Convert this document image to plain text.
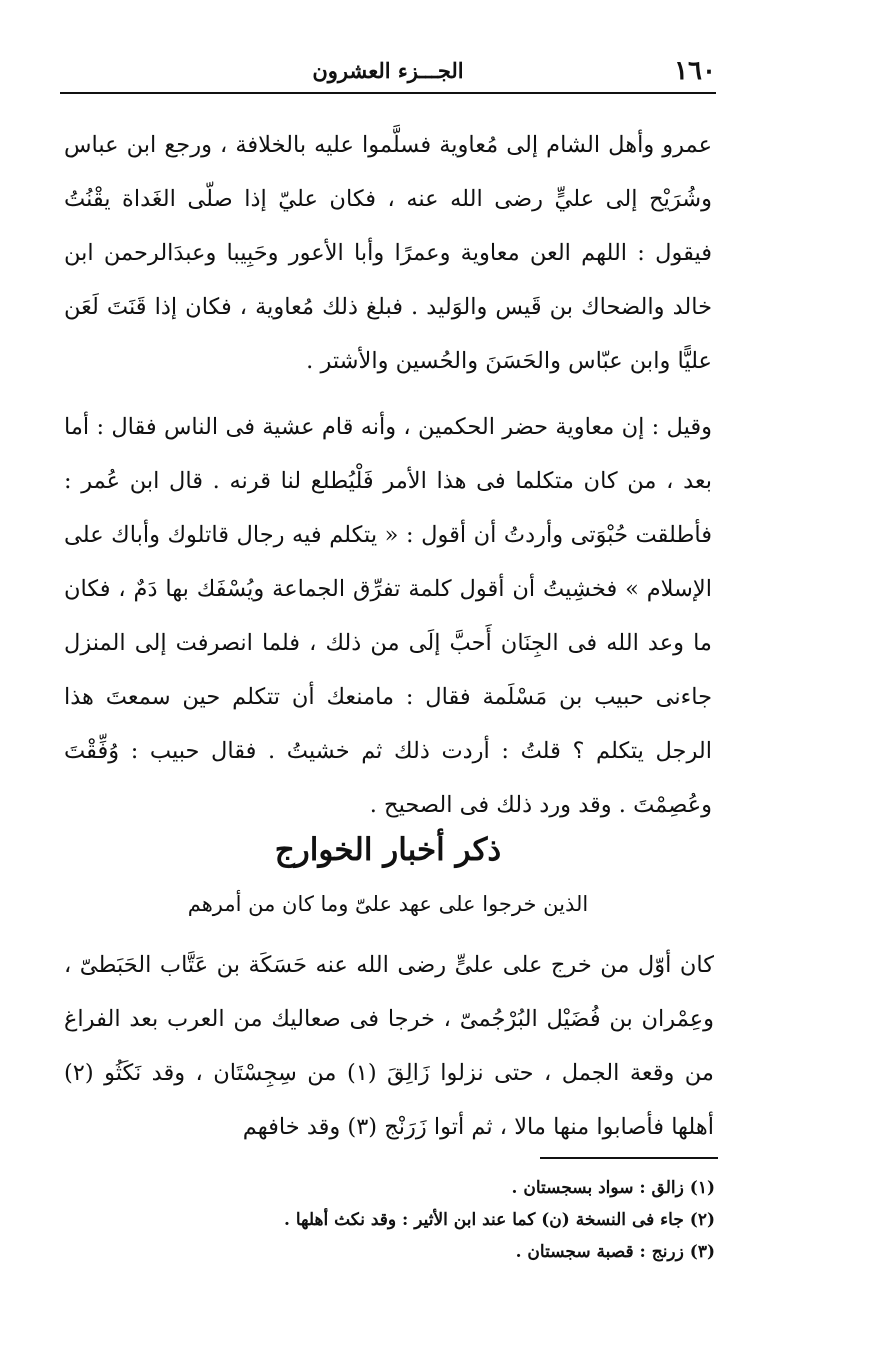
١٦٠
الجـــزء العشرون

عمرو وأهل الشام إلى مُعاوية فسلَّموا عليه بالخلافة ، ورجع ابن عباس وشُرَيْح إلى عليٍّ رضى الله عنه ، فكان عليّ إذا صلّى الغَداة يقْنُتُ فيقول : اللهم العن معاوية وعمرًا وأبا الأعور وحَبِيبا وعبدَالرحمن ابن خالد والضحاك بن قَيس والوَليد . فبلغ ذلك مُعاوية ، فكان إذا قَنَتَ لَعَن عليًّا وابن عبّاس والحَسَنَ والحُسين والأشتر .

وقيل : إن معاوية حضر الحكمين ، وأنه قام عشية فى الناس فقال : أما بعد ، من كان متكلما فى هذا الأمر فَلْيُطلع لنا قرنه . قال ابن عُمر : فأطلقت حُبْوَتى وأردتُ أن أقول : « يتكلم فيه رجال قاتلوك وأباك على الإسلام » فخشِيتُ أن أقول كلمة تفرِّق الجماعة ويُسْفَك بها دَمٌ ، فكان ما وعد الله فى الجِنَان أَحبَّ إلَى من ذلك ، فلما انصرفت إلى المنزل جاءنى حبيب بن مَسْلَمة فقال : مامنعك أن تتكلم حين سمعتَ هذا الرجل يتكلم ؟ قلتُ : أردت ذلك ثم خشيتُ . فقال حبيب : وُفِّقْتَ وعُصِمْتَ . وقد ورد ذلك فى الصحيح .

ذكر أخبار الخوارج
الذين خرجوا على عهد علىّ وما كان من أمرهم

كان أوّل من خرج على علىٍّ رضى الله عنه حَسَكَة بن عَتَّاب الحَبَطىّ ، وعِمْران بن فُضَيْل البُرْجُمىّ ، خرجا فى صعاليك من العرب بعد الفراغ من وقعة الجمل ، حتى نزلوا زَالِقَ (١) من سِجِسْتَان ، وقد نَكَثُو (٢) أهلها فأصابوا منها مالا ، ثم أتوا زَرَنْج (٣) وقد خافهم

(١) زالق : سواد بسجستان .
(٢) جاء فى النسخة (ن) كما عند ابن الأثير : وقد نكث أهلها .
(٣) زرنج : قصبة سجستان .
